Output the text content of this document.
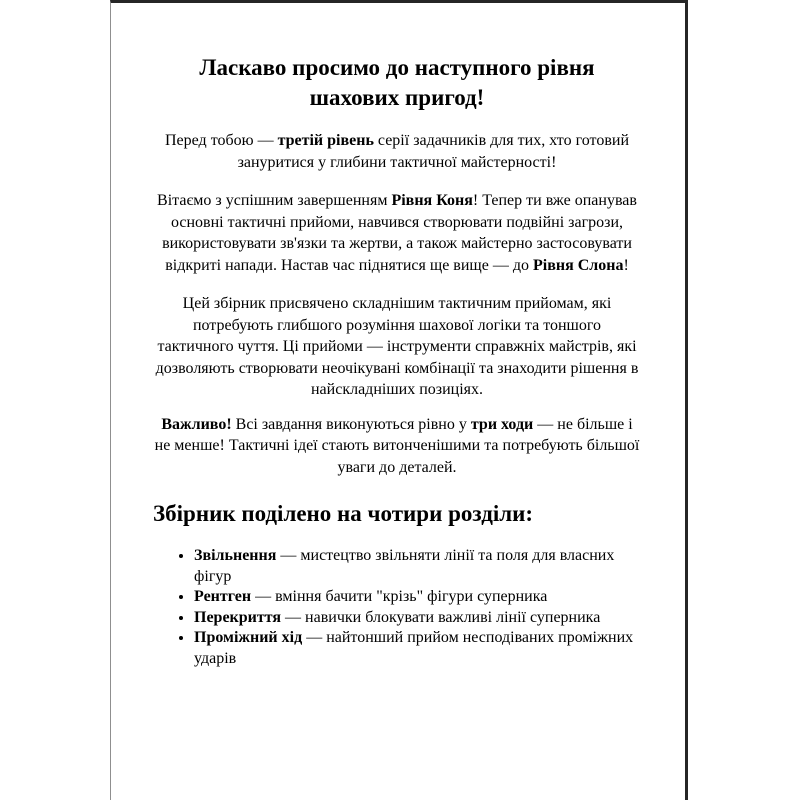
Ласкаво просимо до наступного рівня шахових пригод!

Перед тобою — третій рівень серії задачників для тих, хто готовий зануритися у глибини тактичної майстерності!

Вітаємо з успішним завершенням Рівня Коня! Тепер ти вже опанував основні тактичні прийоми, навчився створювати подвійні загрози, використовувати зв'язки та жертви, а також майстерно застосовувати відкриті напади. Настав час піднятися ще вище — до Рівня Слона!

Цей збірник присвячено складнішим тактичним прийомам, які потребують глибшого розуміння шахової логіки та тоншого тактичного чуття. Ці прийоми — інструменти справжніх майстрів, які дозволяють створювати неочікувані комбінації та знаходити рішення в найскладніших позиціях.

Важливо! Всі завдання виконуються рівно у три ходи — не більше і не менше! Тактичні ідеї стають витонченішими та потребують більшої уваги до деталей.

Збірник поділено на чотири розділи:
• Звільнення — мистецтво звільняти лінії та поля для власних фігур
• Рентген — вміння бачити "крізь" фігури суперника
• Перекриття — навички блокувати важливі лінії суперника
• Проміжний хід — найтонший прийом несподіваних проміжних ударів
